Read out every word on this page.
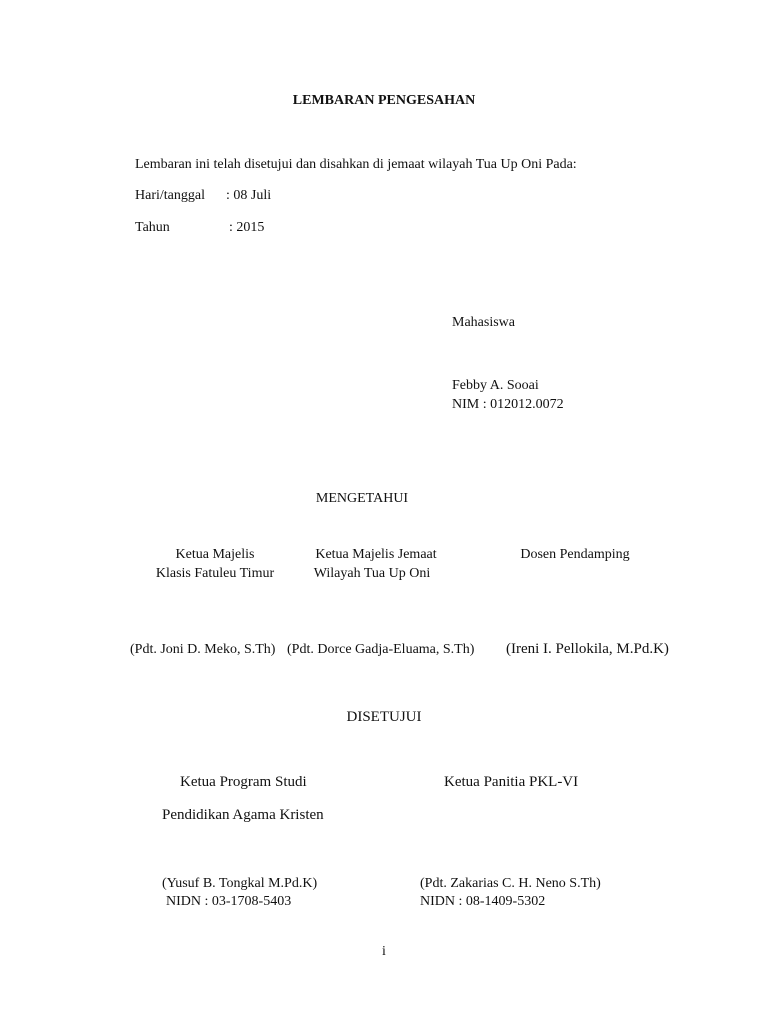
LEMBARAN PENGESAHAN
Lembaran ini telah disetujui dan disahkan di jemaat wilayah Tua Up Oni Pada:
Hari/tanggal : 08 Juli
Tahun	: 2015
Mahasiswa
Febby A. Sooai
NIM : 012012.0072
MENGETAHUI
Ketua Majelis
Klasis Fatuleu Timur
Ketua Majelis Jemaat
Wilayah Tua Up Oni
Dosen Pendamping
(Pdt. Joni D. Meko, S.Th) (Pdt. Dorce Gadja-Eluama, S.Th) (Ireni I. Pellokila, M.Pd.K)
DISETUJUI
Ketua Program Studi
Pendidikan Agama Kristen
Ketua Panitia PKL-VI
(Yusuf B. Tongkal M.Pd.K)
NIDN : 03-1708-5403
(Pdt. Zakarias C. H. Neno S.Th)
NIDN : 08-1409-5302
i
